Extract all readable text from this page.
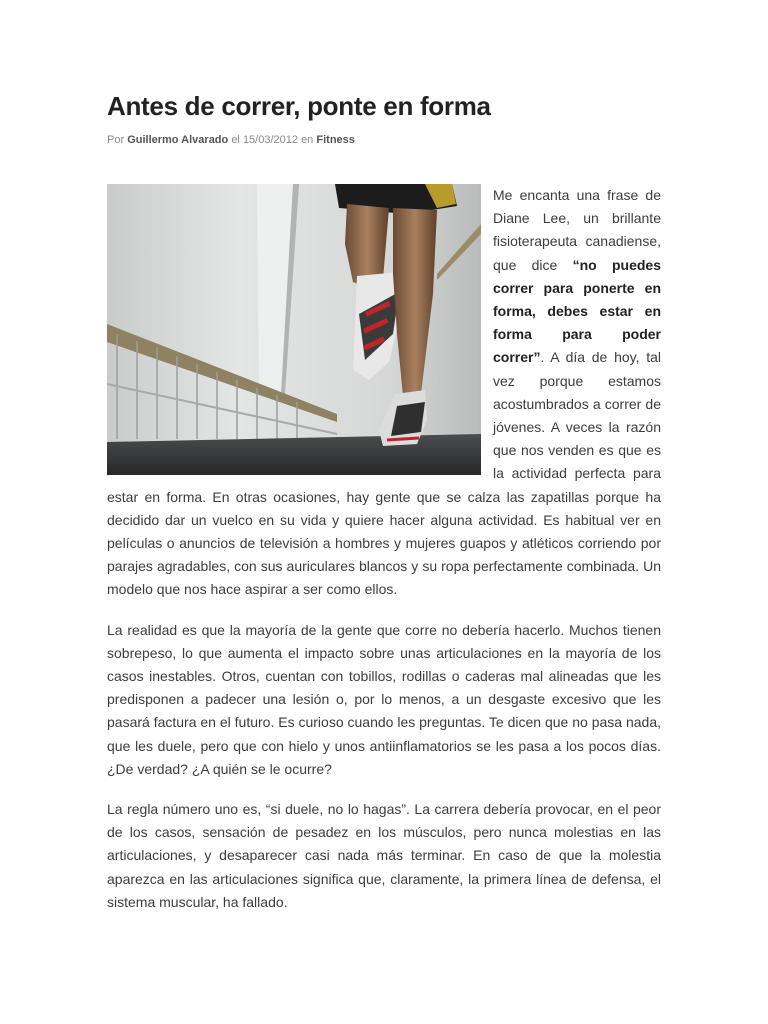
Antes de correr, ponte en forma
Por Guillermo Alvarado el 15/03/2012 en Fitness

Me encanta una frase de Diane Lee, un brillante fisioterapeuta canadiense, que dice “no puedes correr para ponerte en forma, debes estar en forma para poder correr”. A día de hoy, tal vez porque estamos acostumbrados a correr de jóvenes. A veces la razón que nos venden es que es la actividad perfecta para estar en forma. En otras ocasiones, hay gente que se calza las zapatillas porque ha decidido dar un vuelco en su vida y quiere hacer alguna actividad. Es habitual ver en películas o anuncios de televisión a hombres y mujeres guapos y atléticos corriendo por parajes agradables, con sus auriculares blancos y su ropa perfectamente combinada. Un modelo que nos hace aspirar a ser como ellos.

La realidad es que la mayoría de la gente que corre no debería hacerlo. Muchos tienen sobrepeso, lo que aumenta el impacto sobre unas articulaciones en la mayoría de los casos inestables. Otros, cuentan con tobillos, rodillas o caderas mal alineadas que les predisponen a padecer una lesión o, por lo menos, a un desgaste excesivo que les pasará factura en el futuro. Es curioso cuando les preguntas. Te dicen que no pasa nada, que les duele, pero que con hielo y unos antiinflamatorios se les pasa a los pocos días. ¿De verdad? ¿A quién se le ocurre?

La regla número uno es, “si duele, no lo hagas”. La carrera debería provocar, en el peor de los casos, sensación de pesadez en los músculos, pero nunca molestias en las articulaciones, y desaparecer casi nada más terminar. En caso de que la molestia aparezca en las articulaciones significa que, claramente, la primera línea de defensa, el sistema muscular, ha fallado.
